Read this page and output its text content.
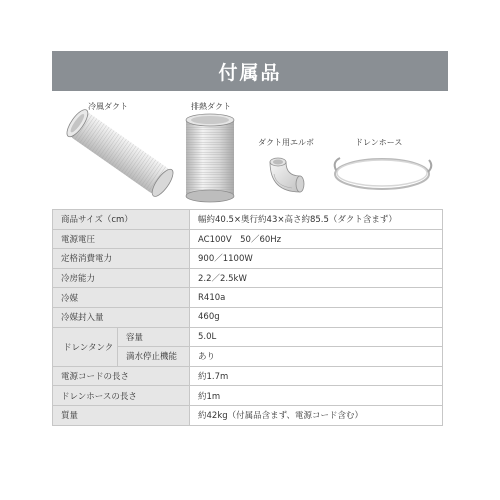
付属品
冷風ダクト	排熱ダクト
ダクト用エルボ	ドレンホース
商品サイズ（cm）		幅約40.5×奥行約43×高さ約85.5（ダクト含まず）
電源電圧		AC100V　50／60Hz
定格消費電力		900／1100W
冷房能力		2.2／2.5kW
冷媒		R410a
冷媒封入量		460g
ドレンタンク	容量	5.0L
	満水停止機能	あり
電源コードの長さ		約1.7m
ドレンホースの長さ		約1m
質量		約42kg（付属品含まず、電源コード含む）
